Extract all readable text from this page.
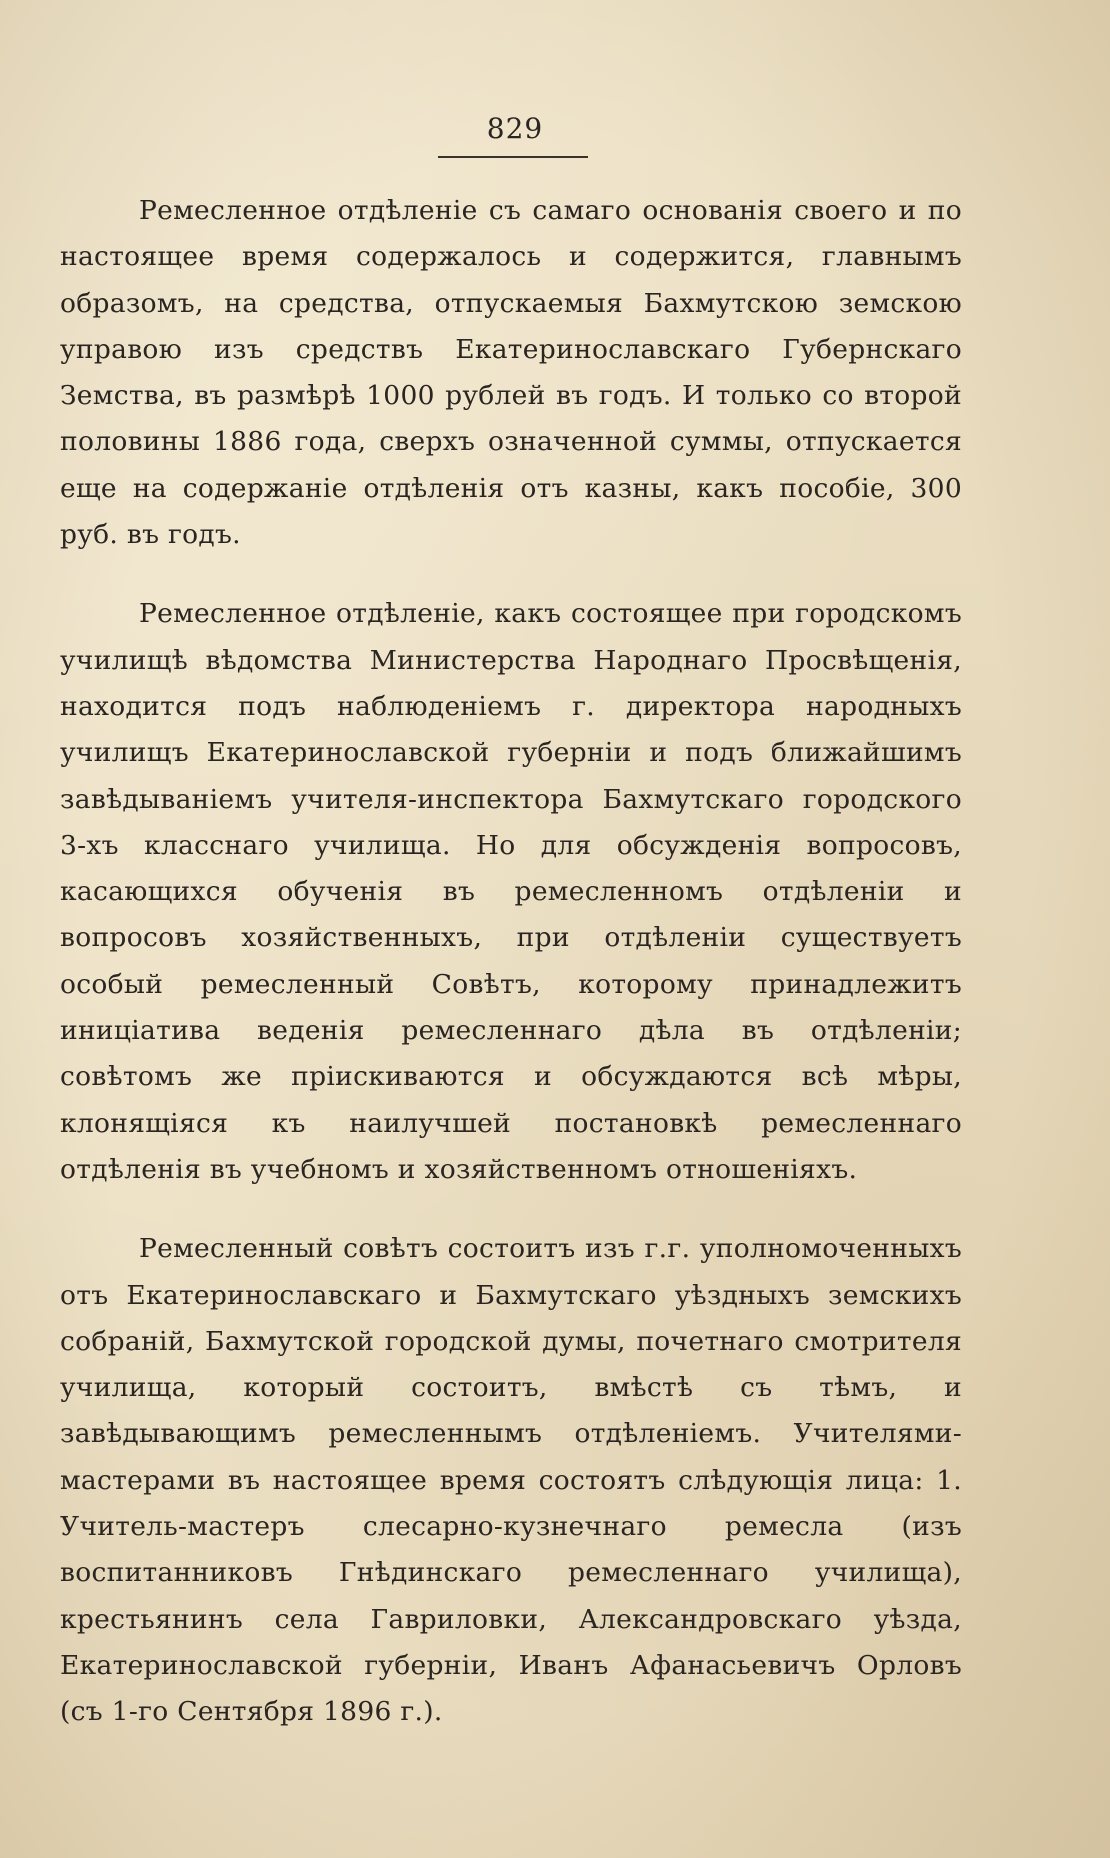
829

Ремесленное отдѣленіе съ самаго основанія своего и по настоящее время содержалось и содержится, главнымъ образомъ, на средства, отпускаемыя Бахмутскою земскою управою изъ средствъ Екатеринославскаго Губернскаго Земства, въ размѣрѣ 1000 рублей въ годъ. И только со второй половины 1886 года, сверхъ означенной суммы, отпускается еще на содержаніе отдѣленія отъ казны, какъ пособіе, 300 руб. въ годъ.

Ремесленное отдѣленіе, какъ состоящее при городскомъ училищѣ вѣдомства Министерства Народнаго Просвѣщенія, находится подъ наблюденіемъ г. директора народныхъ училищъ Екатеринославской губерніи и подъ ближайшимъ завѣдываніемъ учителя-инспектора Бахмутскаго городского 3-хъ класснаго училища. Но для обсужденія вопросовъ, касающихся обученія въ ремесленномъ отдѣленіи и вопросовъ хозяйственныхъ, при отдѣленіи существуетъ особый ремесленный Совѣтъ, которому принадлежитъ иниціатива веденія ремесленнаго дѣла въ отдѣленіи; совѣтомъ же пріискиваются и обсуждаются всѣ мѣры, клонящіяся къ наилучшей постановкѣ ремесленнаго отдѣленія въ учебномъ и хозяйственномъ отношеніяхъ.

Ремесленный совѣтъ состоитъ изъ г.г. уполномоченныхъ отъ Екатеринославскаго и Бахмутскаго уѣздныхъ земскихъ собраній, Бахмутской городской думы, почетнаго смотрителя училища, который состоитъ, вмѣстѣ съ тѣмъ, и завѣдывающимъ ремесленнымъ отдѣленіемъ. Учителями-мастерами въ настоящее время состоятъ слѣдующія лица: 1. Учитель-мастеръ слесарно-кузнечнаго ремесла (изъ воспитанниковъ Гнѣдинскаго ремесленнаго училища), крестьянинъ села Гавриловки, Александровскаго уѣзда, Екатеринославской губерніи, Иванъ Афанасьевичъ Орловъ (съ 1-го Сентября 1896 г.).
